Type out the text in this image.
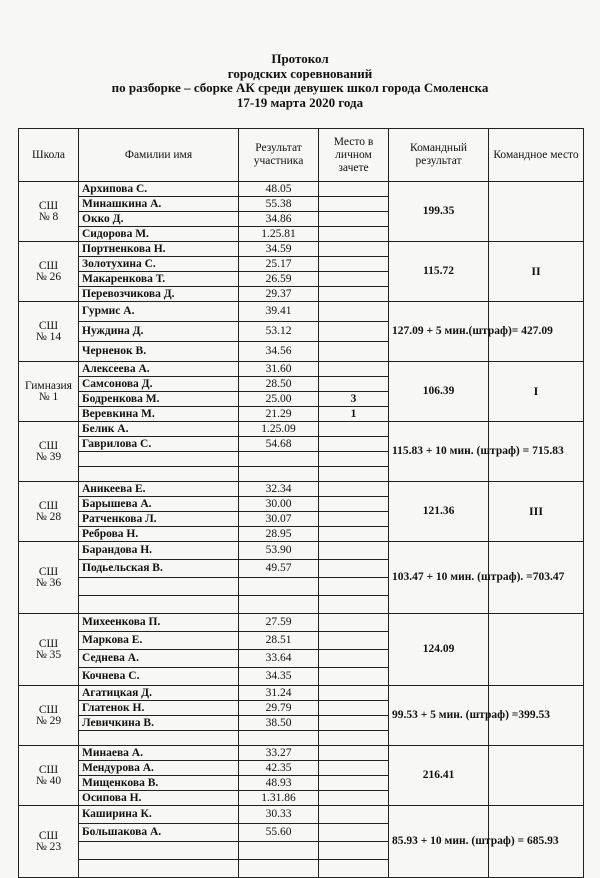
Протокол
городских соревнований
по разборке – сборке АК среди девушек школ города Смоленска
17-19 марта 2020 года
Школа	Фамилии имя	Результат участника	Место в личном зачете	Командный результат	Командное место
СШ
№ 8	Архипова С.	48.05		199.35	
	Минашкина А.	55.38			
	Окко Д.	34.86			
	Сидорова М.	1.25.81			
СШ
№ 26	Портненкова Н.	34.59		115.72	II
	Золотухина С.	25.17			
	Макаренкова Т.	26.59			
	Перевозчикова Д.	29.37			
СШ
№ 14	Гурмис А.	39.41		127.09 + 5 мин.(штраф)= 427.09	
	Нуждина Д.	53.12			
	Черненок В.	34.56			
Гимназия
№ 1	Алексеева А.	31.60		106.39	I
	Самсонова Д.	28.50			
	Бодренкова М.	25.00	3		
	Веревкина М.	21.29	1		
СШ
№ 39	Белик А.	1.25.09		115.83 + 10 мин. (штраф) = 715.83	
	Гаврилова С.	54.68			

СШ
№ 28	Аникеева Е.	32.34		121.36	III
	Барышева А.	30.00			
	Ратченкова Л.	30.07			
	Реброва Н.	28.95			
СШ
№ 36	Барандова Н.	53.90		103.47 + 10 мин. (штраф). =703.47	
	Подьельская В.	49.57			

СШ
№ 35	Михеенкова П.	27.59		124.09	
	Маркова Е.	28.51			
	Седнева А.	33.64			
	Кочнева С.	34.35			
СШ
№ 29	Агатицкая Д.	31.24		99.53 + 5 мин. (штраф) =399.53	
	Глатенок Н.	29.79			
	Левичкина В.	38.50			

СШ
№ 40	Минаева А.	33.27		216.41	
	Мендурова А.	42.35			
	Мищенкова В.	48.93			
	Осипова Н.	1.31.86			
СШ
№ 23	Каширина К.	30.33		85.93 + 10 мин. (штраф) = 685.93	
	Большакова А.	55.60			
